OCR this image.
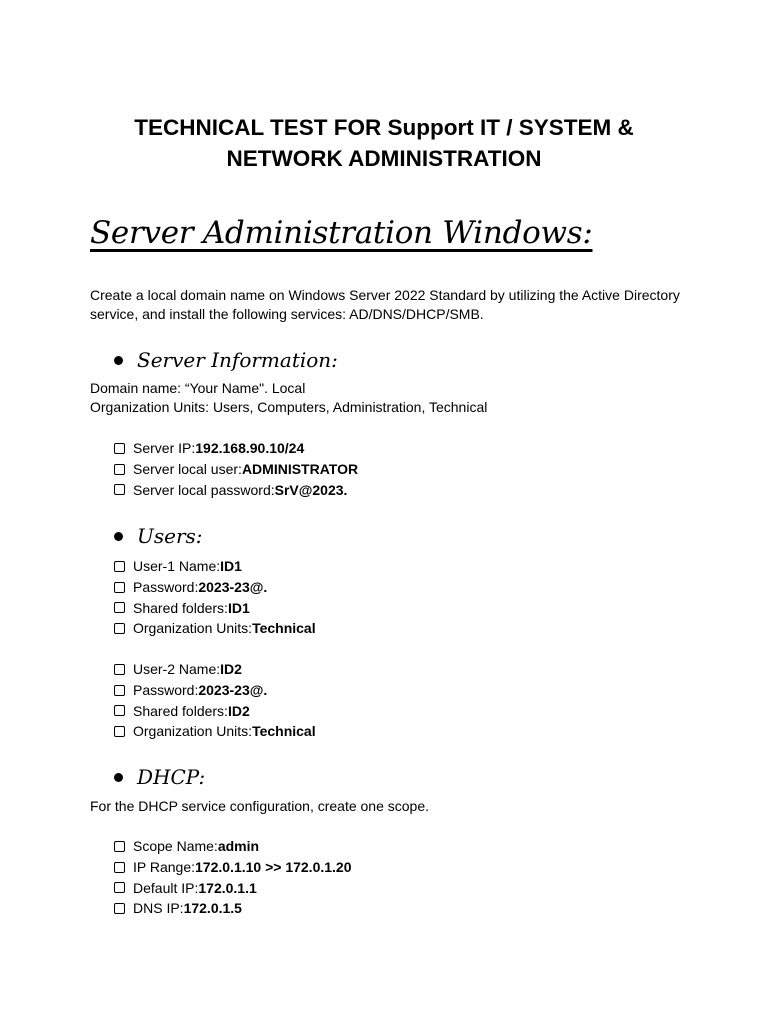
TECHNICAL TEST FOR Support IT / SYSTEM &
NETWORK ADMINISTRATION
Server Administration Windows:
Create a local domain name on Windows Server 2022 Standard by utilizing the Active Directory
service, and install the following services: AD/DNS/DHCP/SMB.
Server Information:
Domain name: “Your Name". Local
Organization Units: Users, Computers, Administration, Technical
Server IP: 192.168.90.10/24
Server local user: ADMINISTRATOR
Server local password: SrV@2023.
Users:
User-1 Name: ID1
Password: 2023-23@.
Shared folders: ID1
Organization Units: Technical
User-2 Name: ID2
Password: 2023-23@.
Shared folders: ID2
Organization Units: Technical
DHCP:
For the DHCP service configuration, create one scope.
Scope Name: admin
IP Range: 172.0.1.10 >> 172.0.1.20
Default IP: 172.0.1.1
DNS IP: 172.0.1.5
